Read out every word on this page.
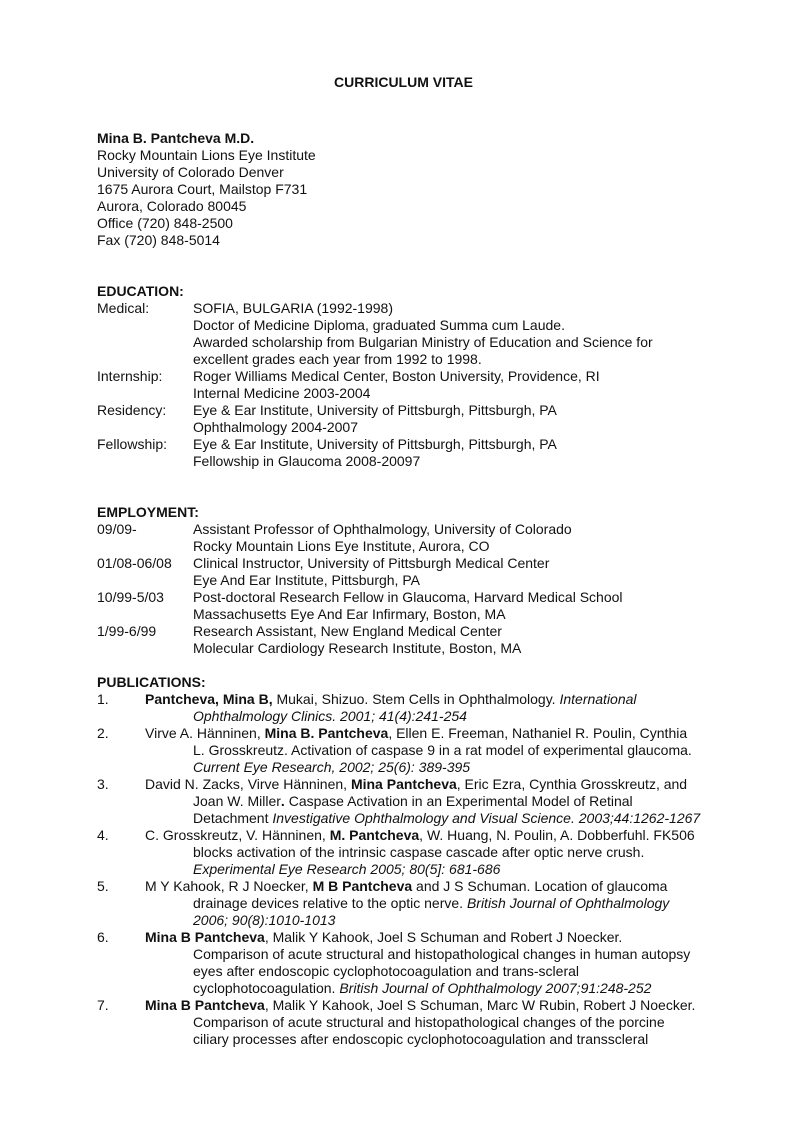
CURRICULUM VITAE
Mina B. Pantcheva M.D.
Rocky Mountain Lions Eye Institute
University of Colorado Denver
1675 Aurora Court, Mailstop F731
Aurora, Colorado 80045
Office (720) 848-2500
Fax (720) 848-5014
EDUCATION:
Medical:	SOFIA, BULGARIA (1992-1998)
Doctor of Medicine Diploma, graduated Summa cum Laude.
Awarded scholarship from Bulgarian Ministry of Education and Science for
excellent grades each year from 1992 to 1998.
Internship: Roger Williams Medical Center, Boston University, Providence, RI
Internal Medicine 2003-2004
Residency: Eye & Ear Institute, University of Pittsburgh, Pittsburgh, PA
Ophthalmology 2004-2007
Fellowship: Eye & Ear Institute, University of Pittsburgh, Pittsburgh, PA
Fellowship in Glaucoma 2008-20097
EMPLOYMENT:
09/09-	Assistant Professor of Ophthalmology, University of Colorado
Rocky Mountain Lions Eye Institute, Aurora, CO
01/08-06/08 Clinical Instructor, University of Pittsburgh Medical Center
Eye And Ear Institute, Pittsburgh, PA
10/99-5/03 Post-doctoral Research Fellow in Glaucoma, Harvard Medical School
Massachusetts Eye And Ear Infirmary, Boston, MA
1/99-6/99	Research Assistant, New England Medical Center
Molecular Cardiology Research Institute, Boston, MA
PUBLICATIONS:
1.	Pantcheva, Mina B, Mukai, Shizuo. Stem Cells in Ophthalmology. International
Ophthalmology Clinics. 2001; 41(4):241-254
2.	Virve A. Hänninen, Mina B. Pantcheva, Ellen E. Freeman, Nathaniel R. Poulin, Cynthia
L. Grosskreutz. Activation of caspase 9 in a rat model of experimental glaucoma.
Current Eye Research, 2002; 25(6): 389-395
3.	David N. Zacks, Virve Hänninen, Mina Pantcheva, Eric Ezra, Cynthia Grosskreutz, and
Joan W. Miller. Caspase Activation in an Experimental Model of Retinal
Detachment Investigative Ophthalmology and Visual Science. 2003;44:1262-1267
4.	C. Grosskreutz, V. Hänninen, M. Pantcheva, W. Huang, N. Poulin, A. Dobberfuhl. FK506
blocks activation of the intrinsic caspase cascade after optic nerve crush.
Experimental Eye Research 2005; 80(5]: 681-686
5.	M Y Kahook, R J Noecker, M B Pantcheva and J S Schuman. Location of glaucoma
drainage devices relative to the optic nerve. British Journal of Ophthalmology
2006; 90(8):1010-1013
6.	Mina B Pantcheva, Malik Y Kahook, Joel S Schuman and Robert J Noecker.
Comparison of acute structural and histopathological changes in human autopsy
eyes after endoscopic cyclophotocoagulation and trans-scleral
cyclophotocoagulation. British Journal of Ophthalmology 2007;91:248-252
7.	Mina B Pantcheva, Malik Y Kahook, Joel S Schuman, Marc W Rubin, Robert J Noecker.
Comparison of acute structural and histopathological changes of the porcine
ciliary processes after endoscopic cyclophotocoagulation and transscleral
